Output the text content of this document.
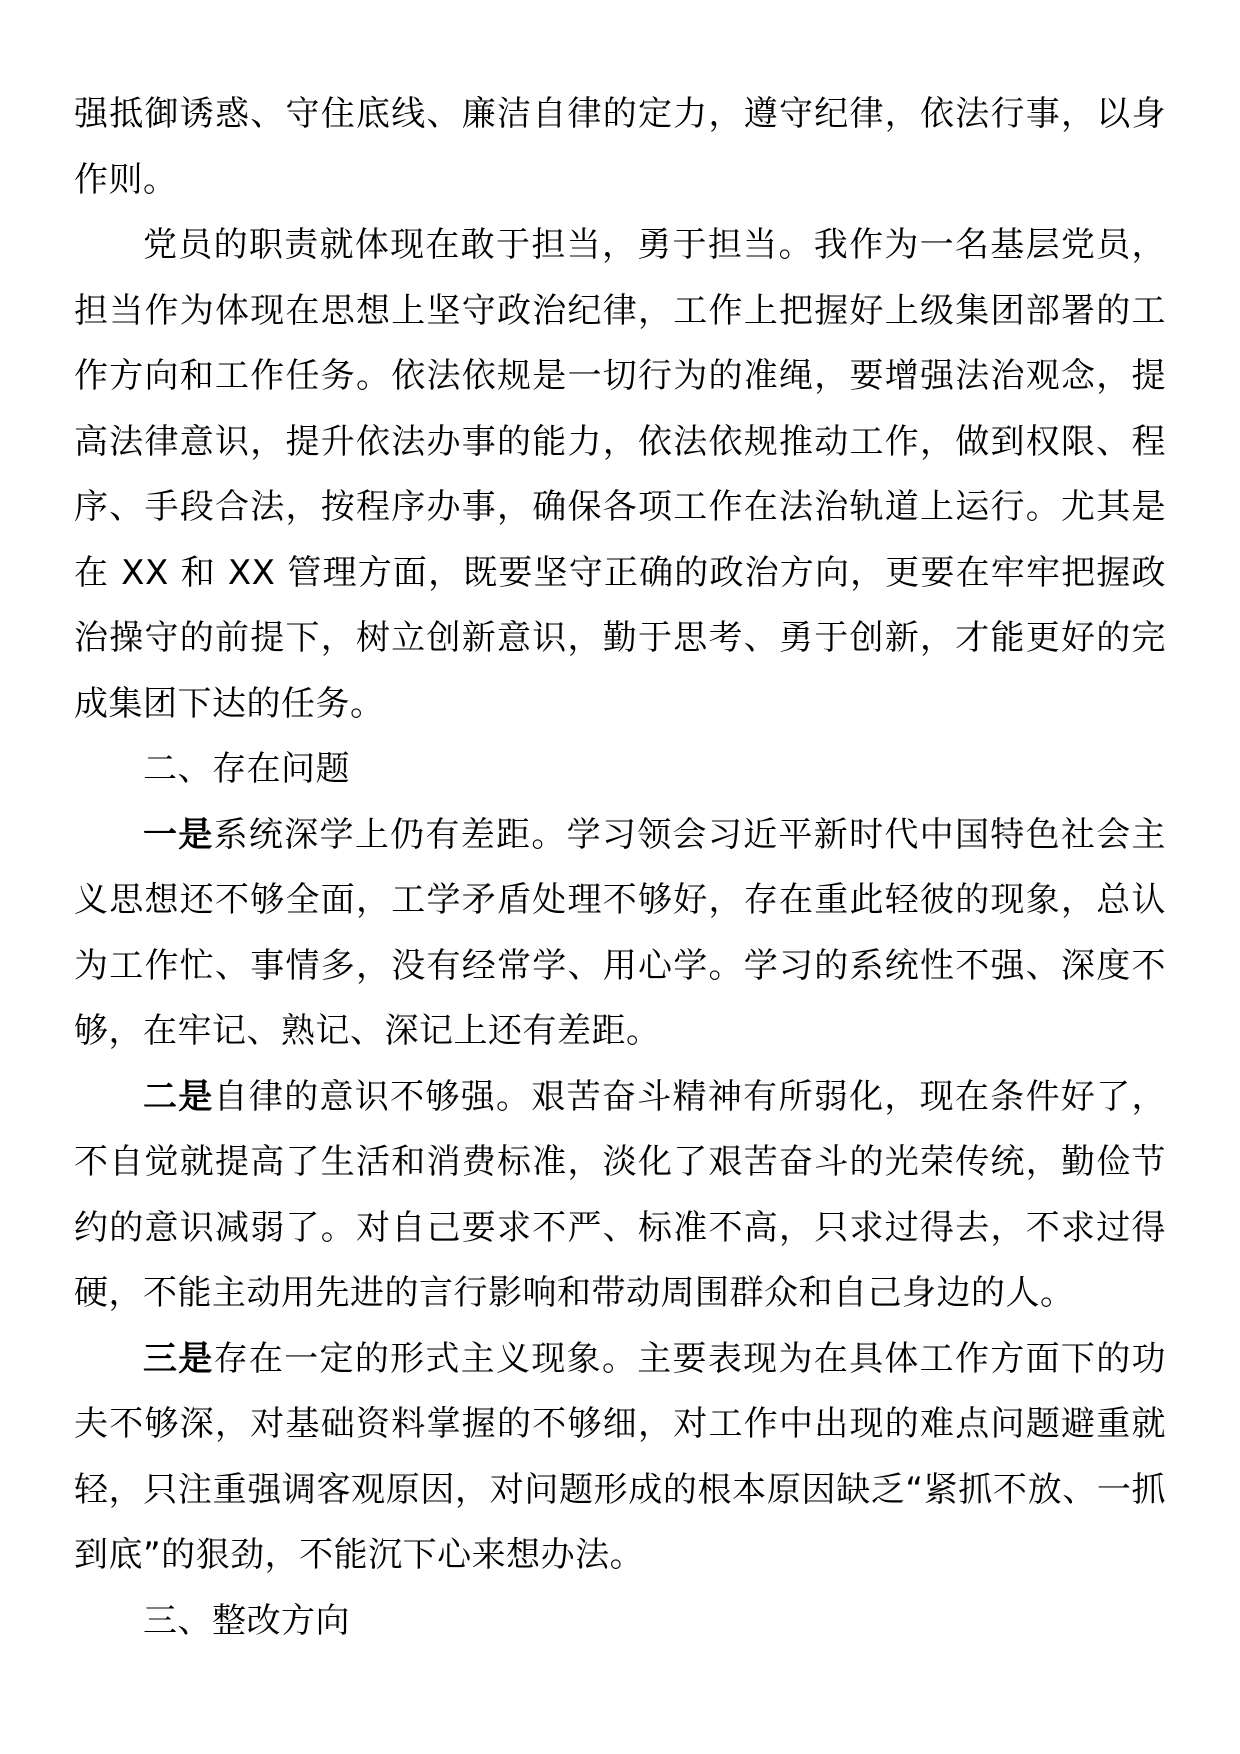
强抵御诱惑、守住底线、廉洁自律的定力，遵守纪律，依法行事，以身作则。

党员的职责就体现在敢于担当，勇于担当。我作为一名基层党员，担当作为体现在思想上坚守政治纪律，工作上把握好上级集团部署的工作方向和工作任务。依法依规是一切行为的准绳，要增强法治观念，提高法律意识，提升依法办事的能力，依法依规推动工作，做到权限、程序、手段合法，按程序办事，确保各项工作在法治轨道上运行。尤其是在 XX 和 XX 管理方面，既要坚守正确的政治方向，更要在牢牢把握政治操守的前提下，树立创新意识，勤于思考、勇于创新，才能更好的完成集团下达的任务。

二、存在问题

一是系统深学上仍有差距。学习领会习近平新时代中国特色社会主义思想还不够全面，工学矛盾处理不够好，存在重此轻彼的现象，总认为工作忙、事情多，没有经常学、用心学。学习的系统性不强、深度不够，在牢记、熟记、深记上还有差距。

二是自律的意识不够强。艰苦奋斗精神有所弱化，现在条件好了，不自觉就提高了生活和消费标准，淡化了艰苦奋斗的光荣传统，勤俭节约的意识减弱了。对自己要求不严、标准不高，只求过得去，不求过得硬，不能主动用先进的言行影响和带动周围群众和自己身边的人。

三是存在一定的形式主义现象。主要表现为在具体工作方面下的功夫不够深，对基础资料掌握的不够细，对工作中出现的难点问题避重就轻，只注重强调客观原因，对问题形成的根本原因缺乏“紧抓不放、一抓到底”的狠劲，不能沉下心来想办法。

三、整改方向
